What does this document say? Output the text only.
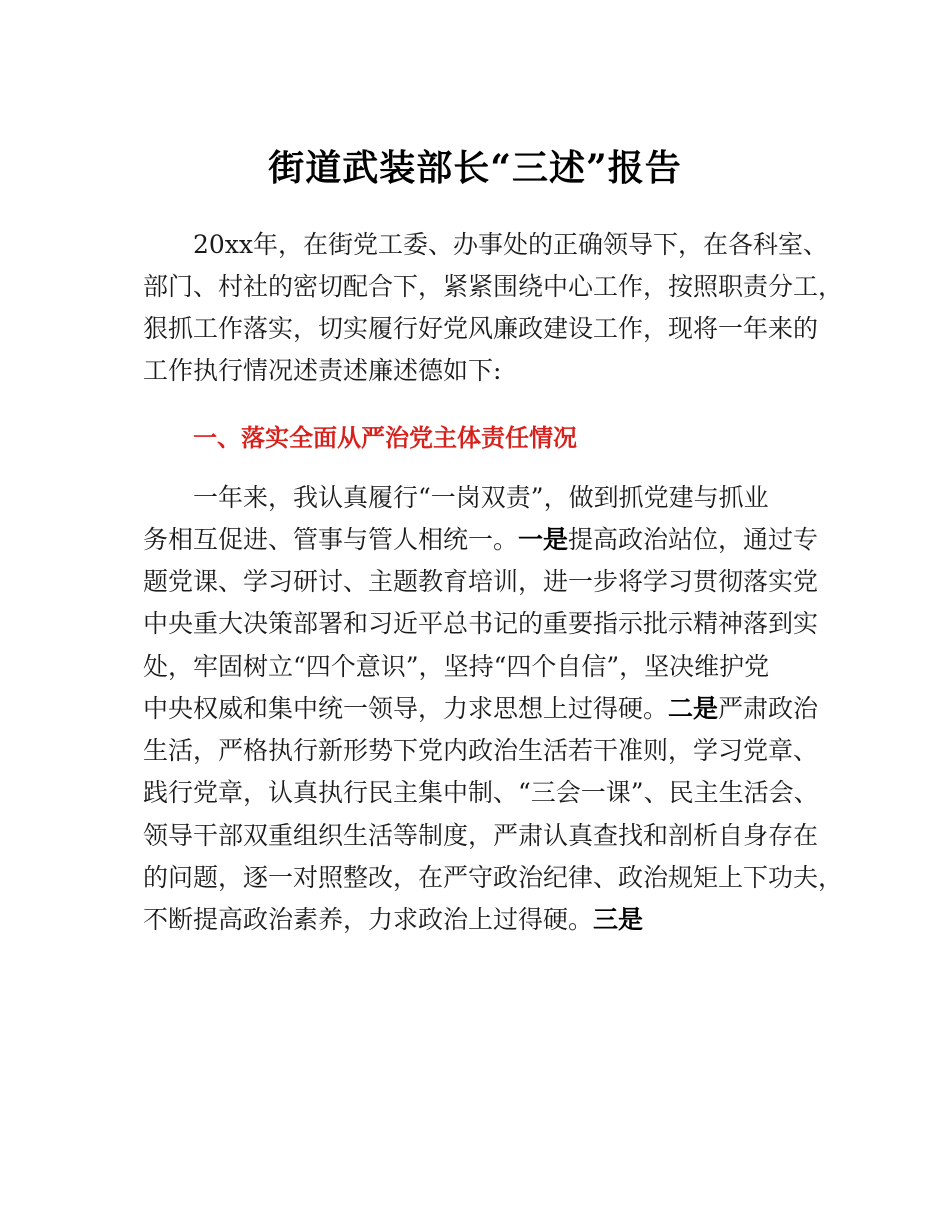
街道武装部长“三述”报告
20xx年，在街党工委、办事处的正确领导下，在各科室、
部门、村社的密切配合下，紧紧围绕中心工作，按照职责分工，
狠抓工作落实，切实履行好党风廉政建设工作，现将一年来的
工作执行情况述责述廉述德如下:
一、落实全面从严治党主体责任情况
一年来，我认真履行“一岗双责”，做到抓党建与抓业
务相互促进、管事与管人相统一。一是提高政治站位，通过专
题党课、学习研讨、主题教育培训，进一步将学习贯彻落实党
中央重大决策部署和习近平总书记的重要指示批示精神落到实
处，牢固树立“四个意识”，坚持“四个自信”，坚决维护党
中央权威和集中统一领导，力求思想上过得硬。二是严肃政治
生活，严格执行新形势下党内政治生活若干准则，学习党章、
践行党章，认真执行民主集中制、“三会一课”、民主生活会、
领导干部双重组织生活等制度，严肃认真查找和剖析自身存在
的问题，逐一对照整改，在严守政治纪律、政治规矩上下功夫，
不断提高政治素养，力求政治上过得硬。三是
